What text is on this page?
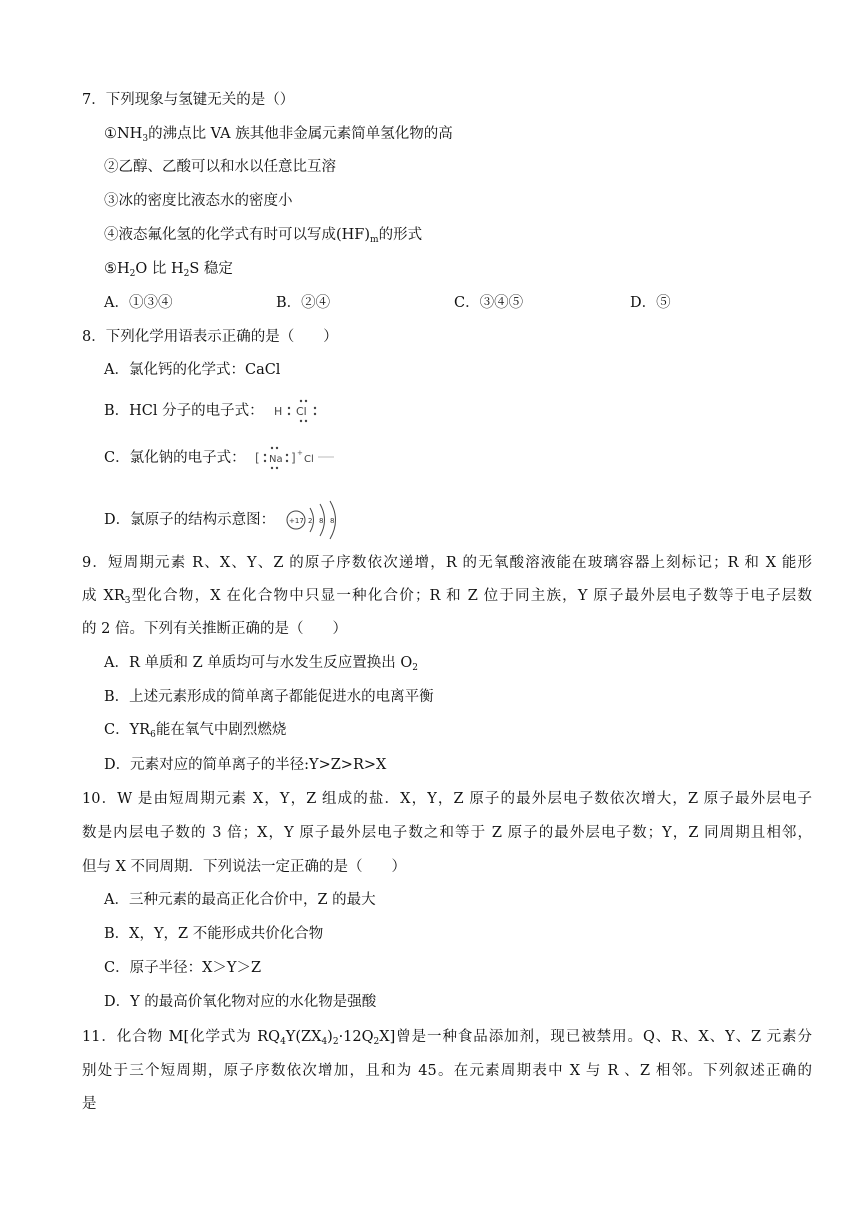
7．下列现象与氢键无关的是（）
$①NH_3$的沸点比 VA 族其他非金属元素简单氢化物的高
②乙醇、乙酸可以和水以任意比互溶
③冰的密度比液态水的密度小
④液态氟化氢的化学式有时可以写成$(HF)_m$的形式
$⑤H_2O$ 比 $H_2S$ 稳定
A．①③④	B．②④	C．③④⑤	D．⑤
8．下列化学用语表示正确的是（　　）
A．氯化钙的化学式：CaCl
B．HCl 分子的电子式： H Cl
C．氯化钠的电子式： [ Na ] +
Cl
D．氯原子的结构示意图： +17 2 8 8
9．短周期元素 R、X、Y、Z 的原子序数依次递增，R 的无氧酸溶液能在玻璃容器上刻标记；R 和 X 能形
成 $XR_3$型化合物，X 在化合物中只显一种化合价；R 和 Z 位于同主族，Y 原子最外层电子数等于电子层数
的 2 倍。下列有关推断正确的是（　　）
A．R 单质和 Z 单质均可与水发生反应置换出 $O_2$
B．上述元素形成的简单离子都能促进水的电离平衡
C．$YR_6$能在氧气中剧烈燃烧
D．元素对应的简单离子的半径:Y>Z>R>X
10．W 是由短周期元素 X，Y，Z 组成的盐．X，Y，Z 原子的最外层电子数依次增大，Z 原子最外层电子
数是内层电子数的 3 倍；X，Y 原子最外层电子数之和等于 Z 原子的最外层电子数；Y，Z 同周期且相邻，
但与 X 不同周期．下列说法一定正确的是（　　）
A．三种元素的最高正化合价中，Z 的最大
B．X，Y，Z 不能形成共价化合物
C．原子半径：X＞Y＞Z
D．Y 的最高价氧化物对应的水化物是强酸
11．化合物 M[化学式为 $RQ_4Y(ZX_4)_2\cdot 12Q_2X$]曾是一种食品添加剂，现已被禁用。Q、R、X、Y、Z 元素分
别处于三个短周期，原子序数依次增加，且和为 45。在元素周期表中 X 与 R 、Z 相邻。下列叙述正确的
是
